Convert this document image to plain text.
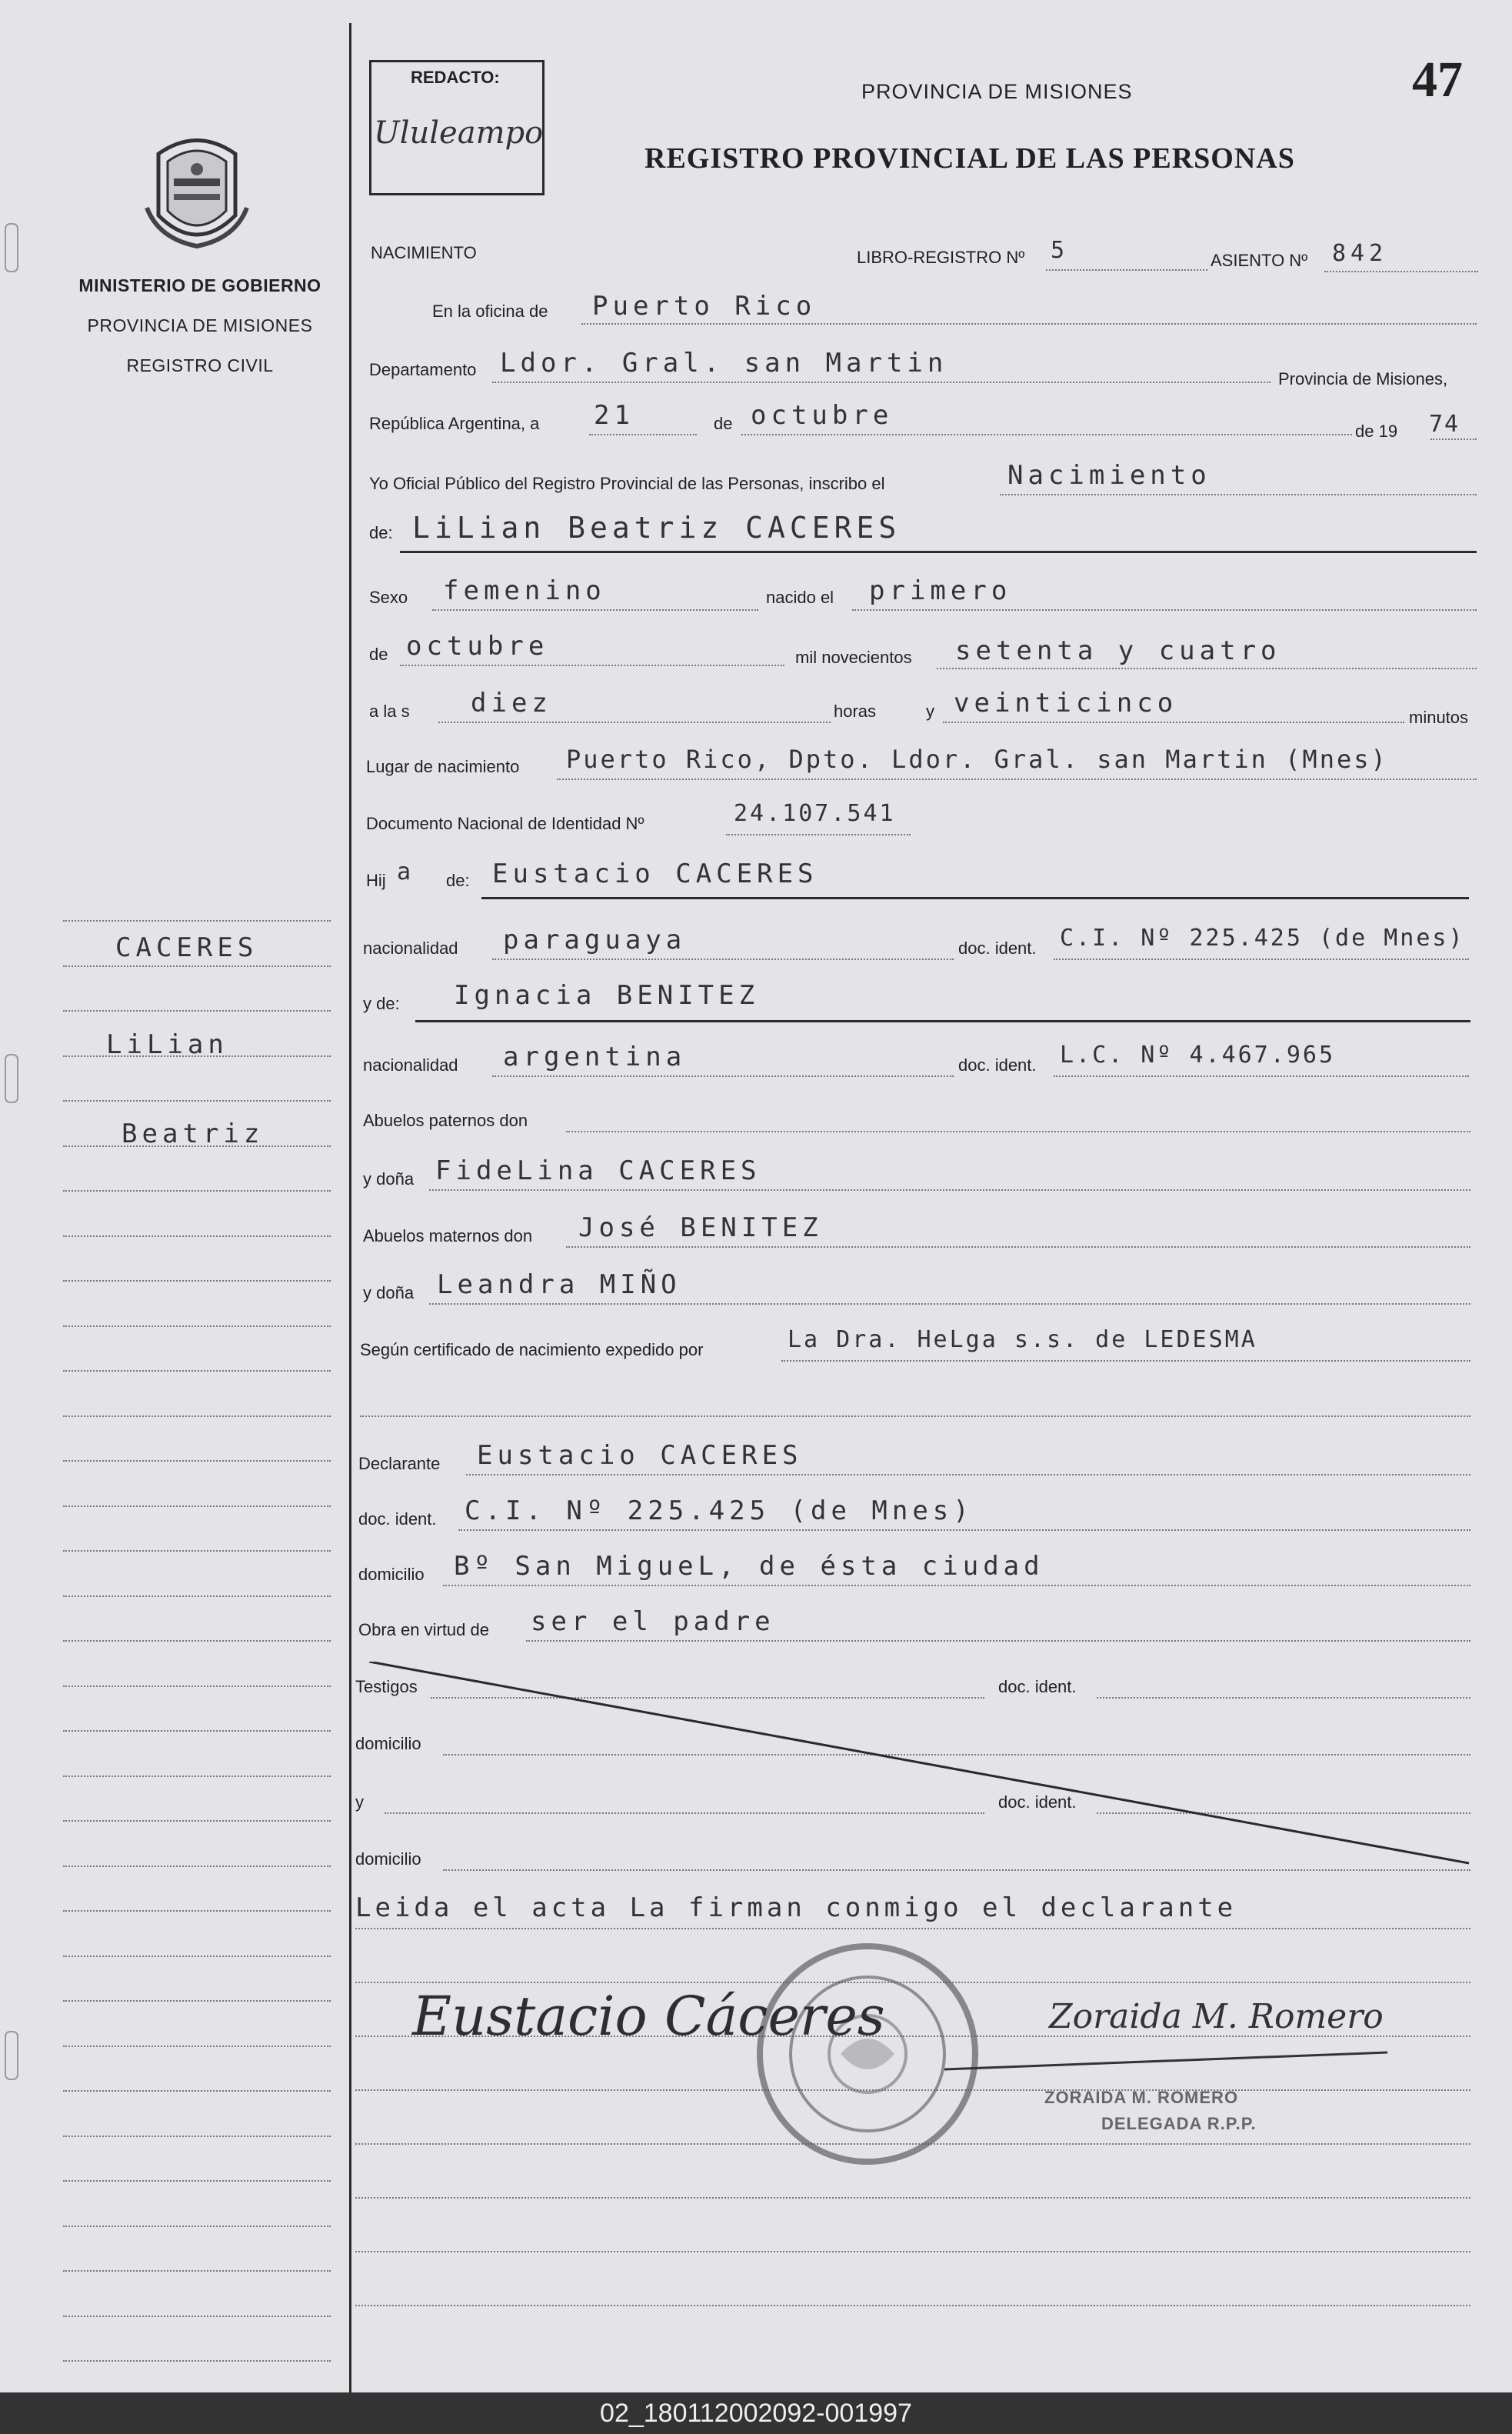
MINISTERIO DE GOBIERNO
PROVINCIA DE MISIONES
REGISTRO CIVIL
CACERES
LiLian
Beatriz
REDACTO:
Ululeampo
PROVINCIA DE MISIONES
REGISTRO PROVINCIAL DE LAS PERSONAS
47
NACIMIENTO	LIBRO-REGISTRO Nº 5	ASIENTO Nº 842
En la oficina de Puerto Rico
Departamento Ldor. Gral. san Martin
Provincia de Misiones,
República Argentina, a 21	de octubre
de 19 74
Yo Oficial Público del Registro Provincial de las Personas, inscribo el	Nacimiento
de: LiLian Beatriz CACERES
Sexo femenino	nacido el primero
de octubre	mil novecientos setenta y cuatro
a la s diez	horas	y veinticinco	minutos
Lugar de nacimiento Puerto Rico, Dpto. Ldor. Gral. san Martin (Mnes)
Documento Nacional de Identidad Nº	24.107.541
Hij a de: Eustacio CACERES
nacionalidad paraguaya	doc. ident. C.I. Nº 225.425 (de Mnes)
y de: Ignacia BENITEZ
nacionalidad argentina	doc. ident. L.C. Nº 4.467.965
Abuelos paternos don
y doña FideLina CACERES
Abuelos maternos don José BENITEZ
y doña Leandra MIÑO
Según certificado de nacimiento expedido por	La Dra. HeLga s.s. de LEDESMA
Declarante Eustacio CACERES
doc. ident. C.I. Nº 225.425 (de Mnes)
domicilio Bº San MigueL, de ésta ciudad
Obra en virtud de ser el padre
Testigos	doc. ident.
domicilio
y	doc. ident.
domicilio
Leida el acta La firman conmigo el declarante
Eustacio Cáceres	Zoraida M. Romero
ZORAIDA M. ROMERO
DELEGADA R.P.P.
02_180112002092-001997
